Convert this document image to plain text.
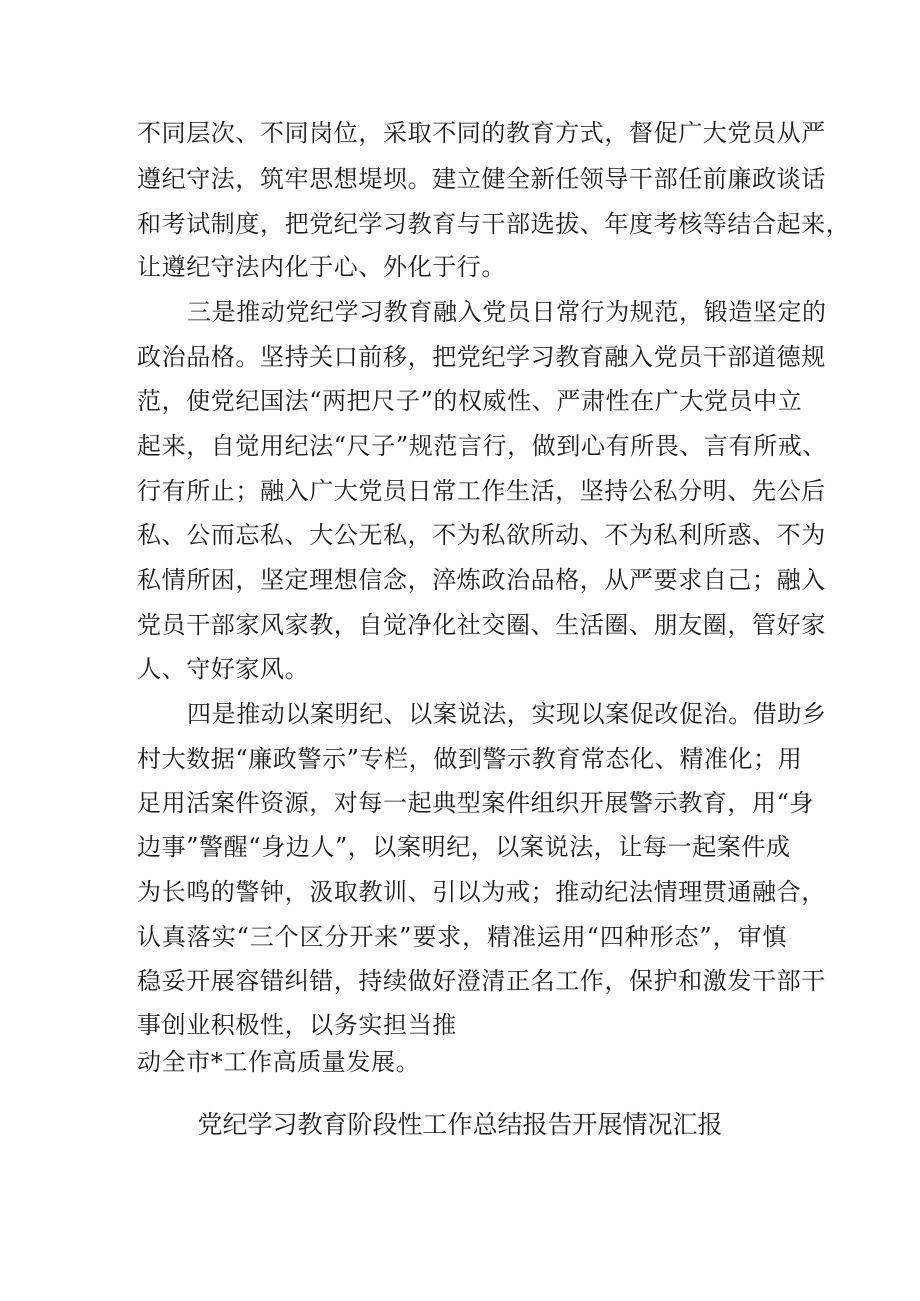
不同层次、不同岗位，采取不同的教育方式，督促广大党员从严
遵纪守法，筑牢思想堤坝。建立健全新任领导干部任前廉政谈话
和考试制度，把党纪学习教育与干部选拔、年度考核等结合起来，
让遵纪守法内化于心、外化于行。
三是推动党纪学习教育融入党员日常行为规范，锻造坚定的
政治品格。坚持关口前移，把党纪学习教育融入党员干部道德规
范，使党纪国法“两把尺子”的权威性、严肃性在广大党员中立
起来，自觉用纪法“尺子”规范言行，做到心有所畏、言有所戒、
行有所止；融入广大党员日常工作生活，坚持公私分明、先公后
私、公而忘私、大公无私，不为私欲所动、不为私利所惑、不为
私情所困，坚定理想信念，淬炼政治品格，从严要求自己；融入
党员干部家风家教，自觉净化社交圈、生活圈、朋友圈，管好家
人、守好家风。
四是推动以案明纪、以案说法，实现以案促改促治。借助乡
村大数据“廉政警示”专栏，做到警示教育常态化、精准化；用
足用活案件资源，对每一起典型案件组织开展警示教育，用“身
边事”警醒“身边人”，以案明纪，以案说法，让每一起案件成
为长鸣的警钟，汲取教训、引以为戒；推动纪法情理贯通融合，
认真落实“三个区分开来”要求，精准运用“四种形态”，审慎
稳妥开展容错纠错，持续做好澄清正名工作，保护和激发干部干
事创业积极性，以务实担当推
动全市*工作高质量发展。
党纪学习教育阶段性工作总结报告开展情况汇报
